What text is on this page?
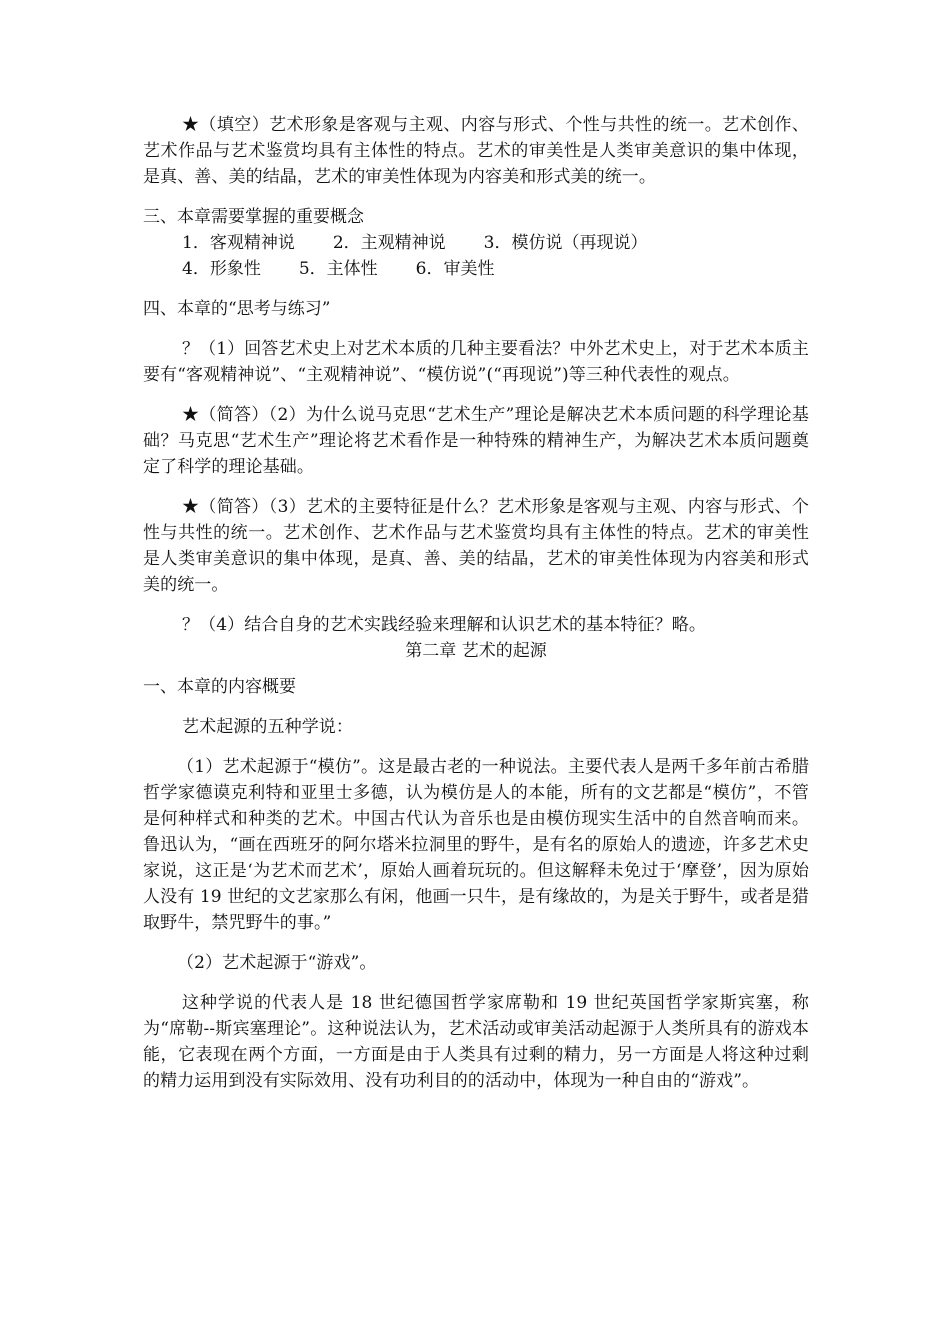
★（填空）艺术形象是客观与主观、内容与形式、个性与共性的统一。艺术创作、艺术作品与艺术鉴赏均具有主体性的特点。艺术的审美性是人类审美意识的集中体现，是真、善、美的结晶，艺术的审美性体现为内容美和形式美的统一。

三、本章需要掌握的重要概念

1．客观精神说 2．主观精神说 3．模仿说（再现说）

4．形象性 5．主体性 6．审美性

四、本章的“思考与练习”

？（1）回答艺术史上对艺术本质的几种主要看法？中外艺术史上，对于艺术本质主要有“客观精神说”、“主观精神说”、“模仿说”(“再现说”)等三种代表性的观点。

★（简答）（2）为什么说马克思“艺术生产”理论是解决艺术本质问题的科学理论基础？马克思“艺术生产”理论将艺术看作是一种特殊的精神生产，为解决艺术本质问题奠定了科学的理论基础。

★（简答）（3）艺术的主要特征是什么？艺术形象是客观与主观、内容与形式、个性与共性的统一。艺术创作、艺术作品与艺术鉴赏均具有主体性的特点。艺术的审美性是人类审美意识的集中体现，是真、善、美的结晶，艺术的审美性体现为内容美和形式美的统一。

？（4）结合自身的艺术实践经验来理解和认识艺术的基本特征？略。

第二章 艺术的起源

一、本章的内容概要

艺术起源的五种学说：

（1）艺术起源于“模仿”。这是最古老的一种说法。主要代表人是两千多年前古希腊哲学家德谟克利特和亚里士多德，认为模仿是人的本能，所有的文艺都是“模仿”，不管是何种样式和种类的艺术。中国古代认为音乐也是由模仿现实生活中的自然音响而来。鲁迅认为，“画在西班牙的阿尔塔米拉洞里的野牛，是有名的原始人的遗迹，许多艺术史家说，这正是‘为艺术而艺术’，原始人画着玩玩的。但这解释未免过于‘摩登’，因为原始人没有 19 世纪的文艺家那么有闲，他画一只牛，是有缘故的，为是关于野牛，或者是猎取野牛，禁咒野牛的事。”

（2）艺术起源于“游戏”。

这种学说的代表人是 18 世纪德国哲学家席勒和 19 世纪英国哲学家斯宾塞，称为“席勒--斯宾塞理论”。这种说法认为，艺术活动或审美活动起源于人类所具有的游戏本能，它表现在两个方面，一方面是由于人类具有过剩的精力，另一方面是人将这种过剩的精力运用到没有实际效用、没有功利目的的活动中，体现为一种自由的“游戏”。
